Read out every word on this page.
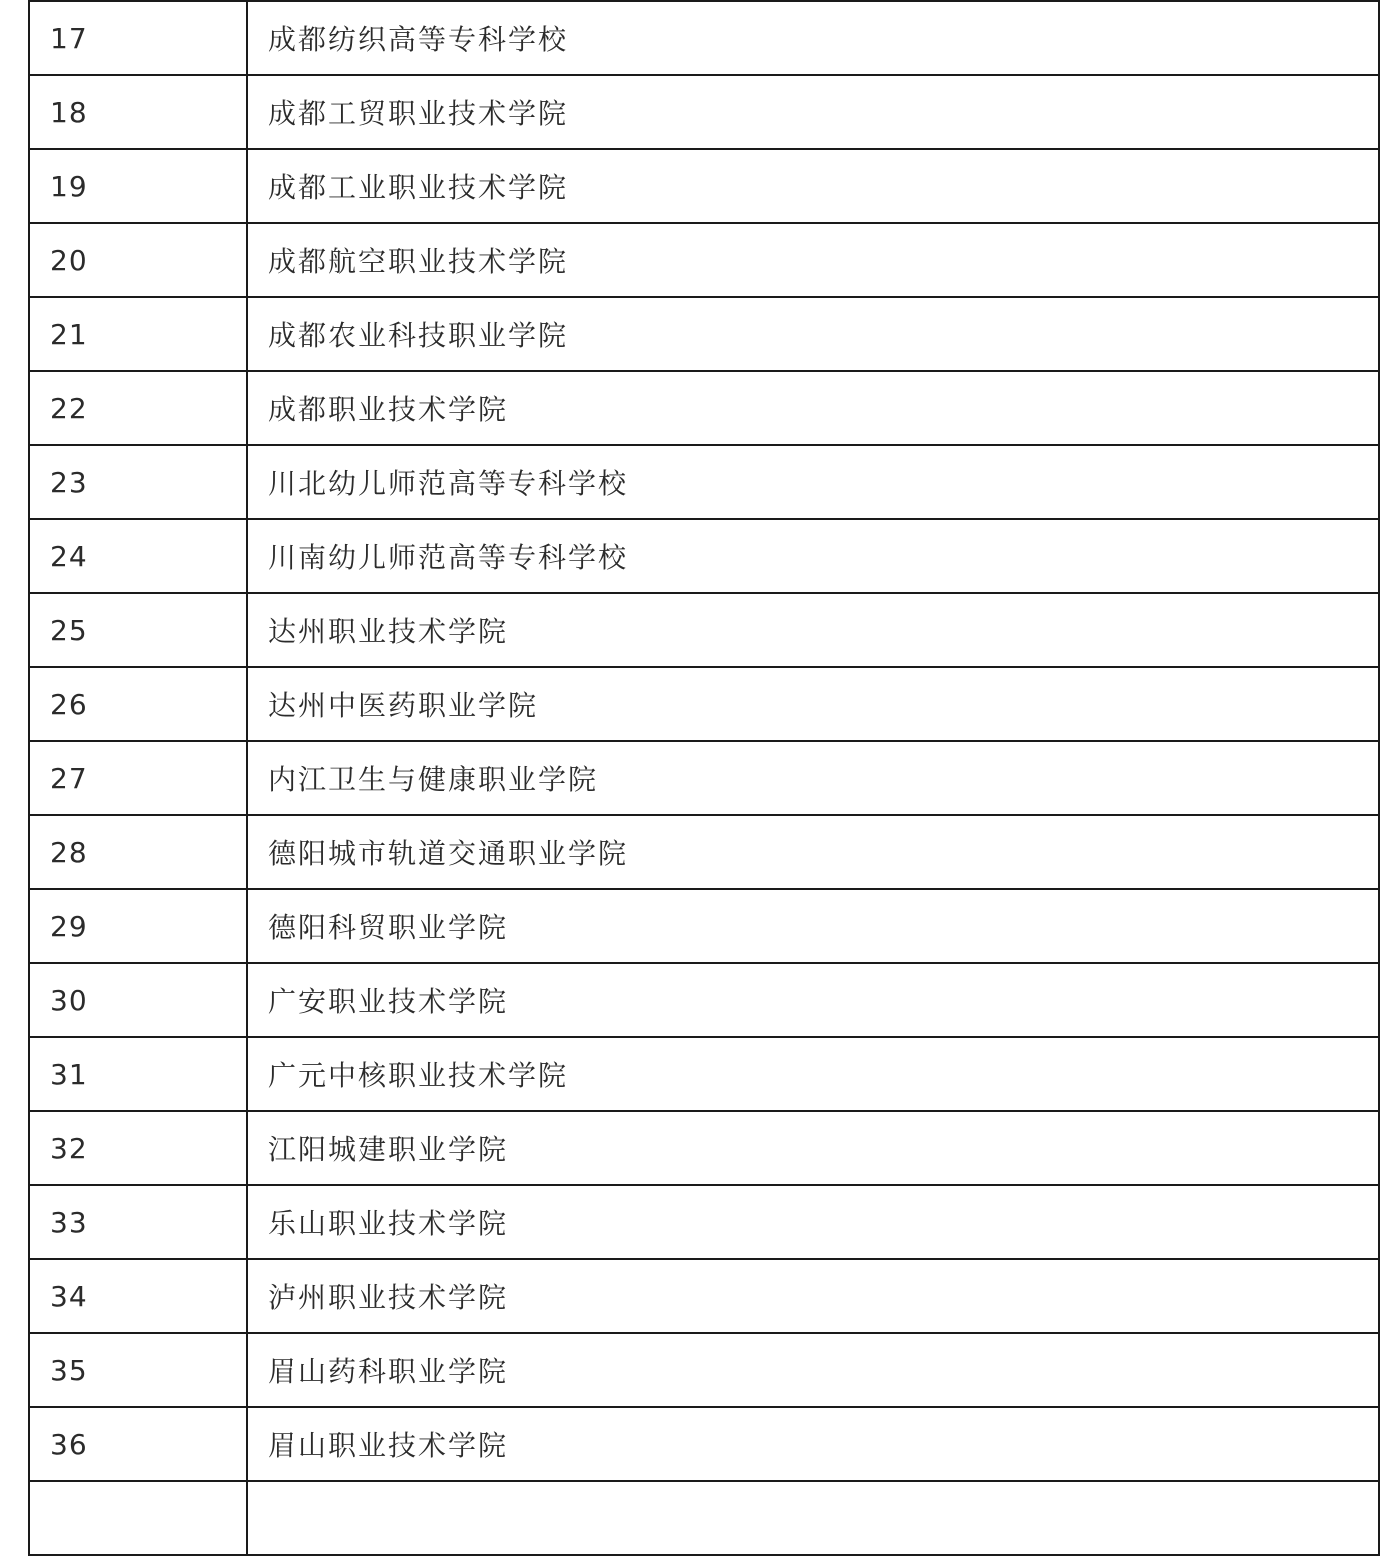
17	成都纺织高等专科学校
18	成都工贸职业技术学院
19	成都工业职业技术学院
20	成都航空职业技术学院
21	成都农业科技职业学院
22	成都职业技术学院
23	川北幼儿师范高等专科学校
24	川南幼儿师范高等专科学校
25	达州职业技术学院
26	达州中医药职业学院
27	内江卫生与健康职业学院
28	德阳城市轨道交通职业学院
29	德阳科贸职业学院
30	广安职业技术学院
31	广元中核职业技术学院
32	江阳城建职业学院
33	乐山职业技术学院
34	泸州职业技术学院
35	眉山药科职业学院
36	眉山职业技术学院
